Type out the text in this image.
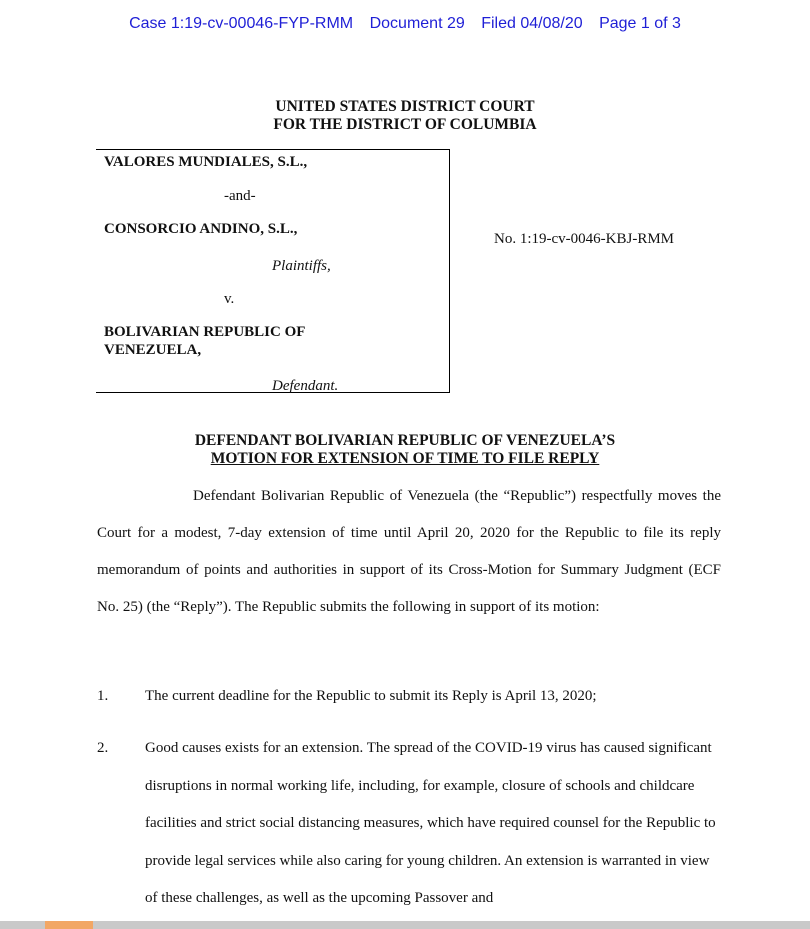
Case 1:19-cv-00046-FYP-RMM Document 29 Filed 04/08/20 Page 1 of 3
UNITED STATES DISTRICT COURT
FOR THE DISTRICT OF COLUMBIA
VALORES MUNDIALES, S.L.,
-and-
CONSORCIO ANDINO, S.L.,
Plaintiffs,
v.
BOLIVARIAN REPUBLIC OF
VENEZUELA,
Defendant.
No. 1:19-cv-0046-KBJ-RMM
DEFENDANT BOLIVARIAN REPUBLIC OF VENEZUELA’S
MOTION FOR EXTENSION OF TIME TO FILE REPLY
Defendant Bolivarian Republic of Venezuela (the “Republic”) respectfully moves the Court for a modest, 7-day extension of time until April 20, 2020 for the Republic to file its reply memorandum of points and authorities in support of its Cross-Motion for Summary Judgment (ECF No. 25) (the “Reply”). The Republic submits the following in support of its motion:
1. The current deadline for the Republic to submit its Reply is April 13, 2020;
2. Good causes exists for an extension. The spread of the COVID-19 virus has caused significant disruptions in normal working life, including, for example, closure of schools and childcare facilities and strict social distancing measures, which have required counsel for the Republic to provide legal services while also caring for young children. An extension is warranted in view of these challenges, as well as the upcoming Passover and
